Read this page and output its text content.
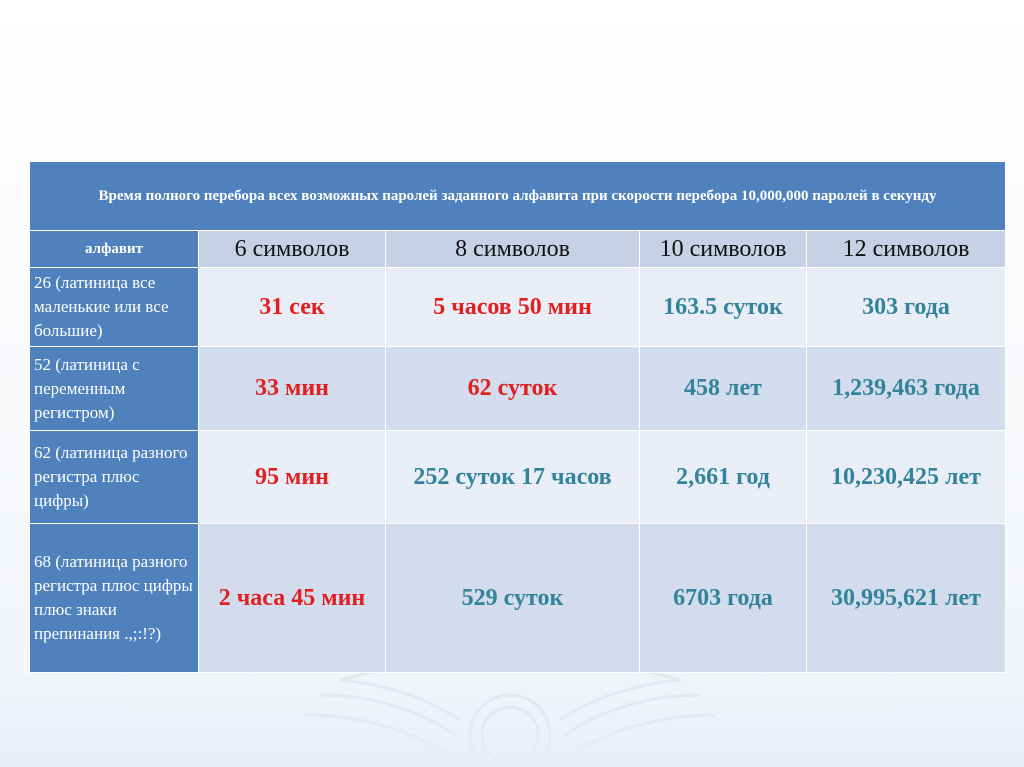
Время полного перебора всех возможных паролей заданного алфавита при скорости перебора 10,000,000 паролей в секунду				
алфавит	6 символов	8 символов	10 символов	12 символов
26 (латиница все маленькие или все большие)	31 сек	5 часов 50 мин	163.5 суток	303 года
52 (латиница с переменным регистром)	33 мин	62 суток	458 лет	1,239,463 года
62 (латиница разного регистра плюс цифры)	95 мин	252 суток 17 часов	2,661 год	10,230,425 лет
68 (латиница разного регистра плюс цифры плюс знаки препинания .,;:!?)	2 часа 45 мин	529 суток	6703 года	30,995,621 лет
